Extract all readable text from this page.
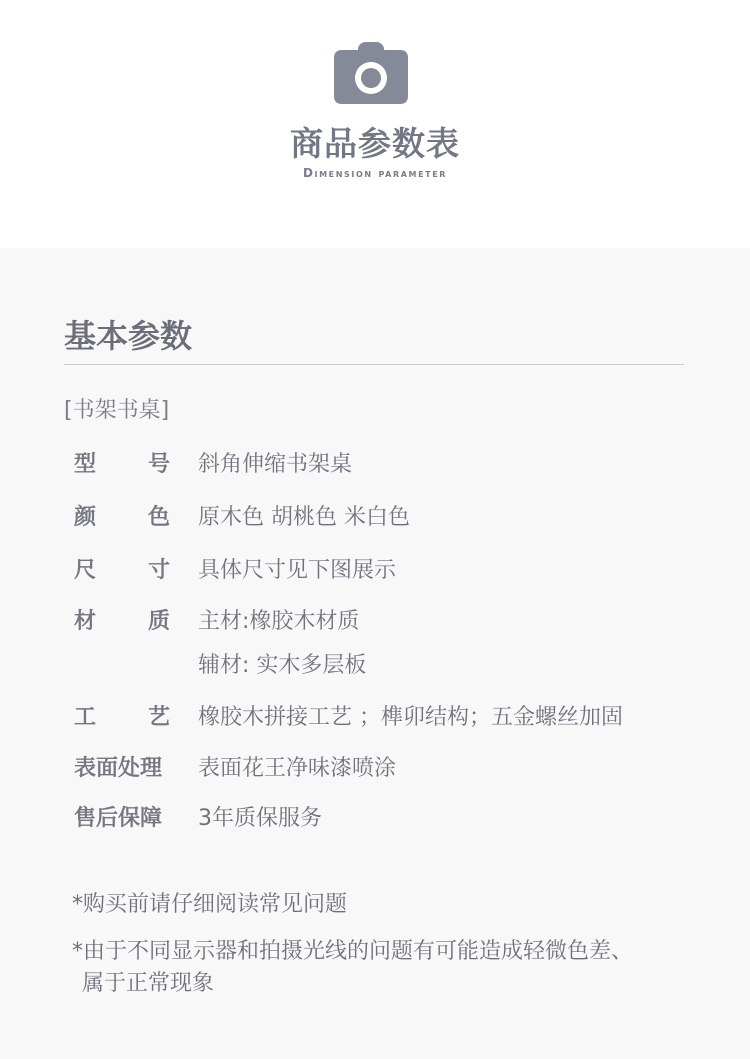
商品参数表
Dimension parameter
基本参数
[书架书桌]
型 号 斜角伸缩书架桌
颜 色 原木色 胡桃色 米白色
尺 寸 具体尺寸见下图展示
材 质 主材:橡胶木材质
辅材: 实木多层板
工 艺 橡胶木拼接工艺 ；榫卯结构；五金螺丝加固
表面处理	表面花王净味漆喷涂
售后保障	3年质保服务
*购买前请仔细阅读常见问题
*由于不同显示器和拍摄光线的问题有可能造成轻微色差、
属于正常现象
